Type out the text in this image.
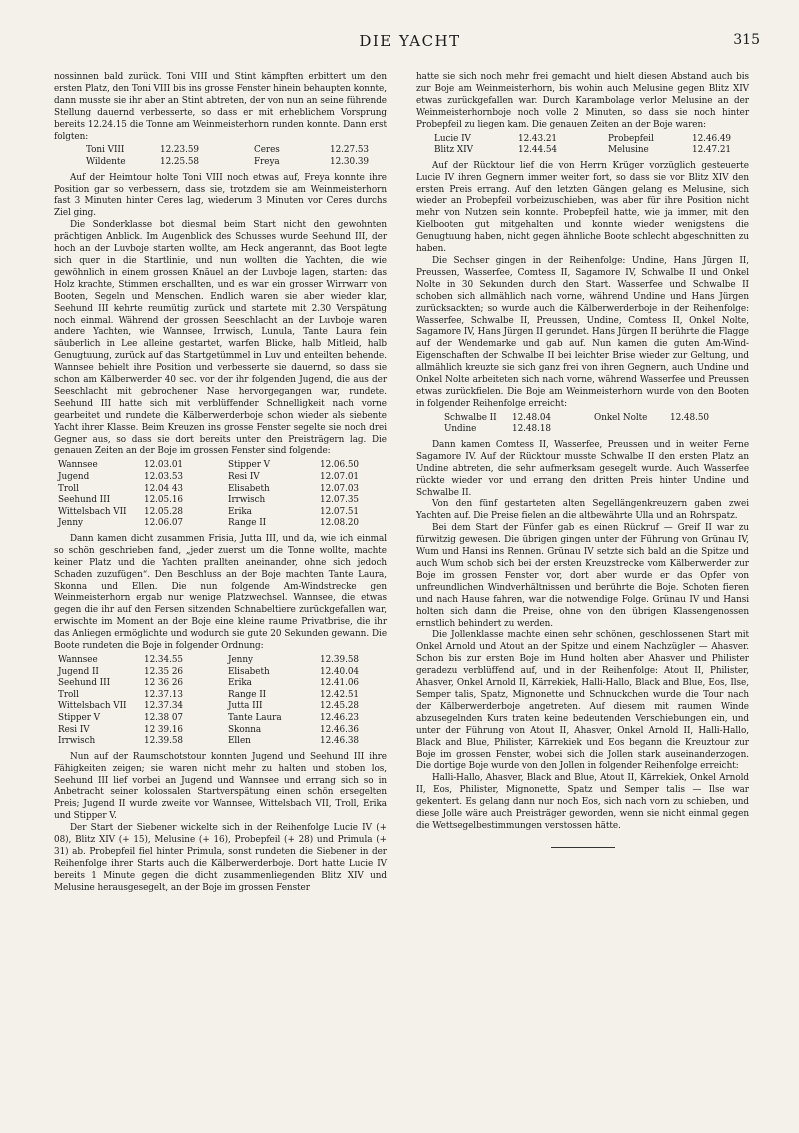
DIE YACHT	315

nossinnen bald zurück. Toni VIII und Stint kämpften erbittert um den ersten Platz, den Toni VIII bis ins grosse Fenster hinein behaupten konnte, dann musste sie ihr aber an Stint abtreten, der von nun an seine führende Stellung dauernd verbesserte, so dass er mit erheblichem Vorsprung bereits 12.24.15 die Tonne am Weinmeisterhorn runden konnte. Dann erst folgten:

Toni VIII	12.23.59	Ceres	12.27.53
Wildente	12.25.58	Freya	12.30.39

Auf der Heimtour holte Toni VIII noch etwas auf, Freya konnte ihre Position gar so verbessern, dass sie, trotzdem sie am Weinmeisterhorn fast 3 Minuten hinter Ceres lag, wiederum 3 Minuten vor Ceres durchs Ziel ging.

Die Sonderklasse bot diesmal beim Start nicht den gewohnten prächtigen Anblick. Im Augenblick des Schusses wurde Seehund III, der hoch an der Luvboje starten wollte, am Heck angerannt, das Boot legte sich quer in die Startlinie, und nun wollten die Yachten, die wie gewöhnlich in einem grossen Knäuel an der Luvboje lagen, starten: das Holz krachte, Stimmen erschallten, und es war ein grosser Wirrwarr von Booten, Segeln und Menschen. Endlich waren sie aber wieder klar, Seehund III kehrte reumütig zurück und startete mit 2.30 Verspätung noch einmal. Während der grossen Seeschlacht an der Luvboje waren andere Yachten, wie Wannsee, Irrwisch, Lunula, Tante Laura fein säuberlich in Lee alleine gestartet, warfen Blicke, halb Mitleid, halb Genugtuung, zurück auf das Startgetümmel in Luv und enteilten behende. Wannsee behielt ihre Position und verbesserte sie dauernd, so dass sie schon am Kälberwerder 40 sec. vor der ihr folgenden Jugend, die aus der Seeschlacht mit gebrochener Nase hervorgegangen war, rundete. Seehund III hatte sich mit verblüffender Schnelligkeit nach vorne gearbeitet und rundete die Kälberwerderboje schon wieder als siebente Yacht ihrer Klasse. Beim Kreuzen ins grosse Fenster segelte sie noch drei Gegner aus, so dass sie dort bereits unter den Preisträgern lag. Die genauen Zeiten an der Boje im grossen Fenster sind folgende:

Wannsee	12.03.01	Stipper V	12.06.50
Jugend	12.03.53	Resi IV	12.07.01
Troll	12.04 43	Elisabeth	12.07.03
Seehund III	12.05.16	Irrwisch	12.07.35
Wittelsbach VII	12.05.28	Erika	12.07.51
Jenny	12.06.07	Range II	12.08.20

Dann kamen dicht zusammen Frisia, Jutta III, und da, wie ich einmal so schön geschrieben fand, „jeder zuerst um die Tonne wollte, machte keiner Platz und die Yachten prallten aneinander, ohne sich jedoch Schaden zuzufügen“. Den Beschluss an der Boje machten Tante Laura, Skonna und Ellen. Die nun folgende Am-Windstrecke gen Weinmeisterhorn ergab nur wenige Platzwechsel. Wannsee, die etwas gegen die ihr auf den Fersen sitzenden Schnabeltiere zurückgefallen war, erwischte im Moment an der Boje eine kleine raume Privatbrise, die ihr das Anliegen ermöglichte und wodurch sie gute 20 Sekunden gewann. Die Boote rundeten die Boje in folgender Ordnung:

Wannsee	12.34.55	Jenny	12.39.58
Jugend II	12.35 26	Elisabeth	12.40.04
Seehund III	12 36 26	Erika	12.41.06
Troll	12.37.13	Range II	12.42.51
Wittelsbach VII	12.37.34	Jutta III	12.45.28
Stipper V	12.38 07	Tante Laura	12.46.23
Resi IV	12 39.16	Skonna	12.46.36
Irrwisch	12.39.58	Ellen	12.46.38

Nun auf der Raumschotstour konnten Jugend und Seehund III ihre Fähigkeiten zeigen; sie waren nicht mehr zu halten und stoben los, Seehund III lief vorbei an Jugend und Wannsee und errang sich so in Anbetracht seiner kolossalen Startverspätung einen schön ersegelten Preis; Jugend II wurde zweite vor Wannsee, Wittelsbach VII, Troll, Erika und Stipper V.

Der Start der Siebener wickelte sich in der Reihenfolge Lucie IV (+ 08), Blitz XIV (+ 15), Melusine (+ 16), Probepfeil (+ 28) und Primula (+ 31) ab. Probepfeil fiel hinter Primula, sonst rundeten die Siebener in der Reihenfolge ihrer Starts auch die Kälberwerderboje. Dort hatte Lucie IV bereits 1 Minute gegen die dicht zusammenliegenden Blitz XIV und Melusine herausgesegelt, an der Boje im grossen Fenster

hatte sie sich noch mehr frei gemacht und hielt diesen Abstand auch bis zur Boje am Weinmeisterhorn, bis wohin auch Melusine gegen Blitz XIV etwas zurückgefallen war. Durch Karambolage verlor Melusine an der Weinmeisterhornboje noch volle 2 Minuten, so dass sie noch hinter Probepfeil zu liegen kam. Die genauen Zeiten an der Boje waren:

Lucie IV	12.43.21	Probepfeil	12.46.49
Blitz XIV	12.44.54	Melusine	12.47.21

Auf der Rücktour lief die von Herrn Krüger vorzüglich gesteuerte Lucie IV ihren Gegnern immer weiter fort, so dass sie vor Blitz XIV den ersten Preis errang. Auf den letzten Gängen gelang es Melusine, sich wieder an Probepfeil vorbeizuschieben, was aber für ihre Position nicht mehr von Nutzen sein konnte. Probepfeil hatte, wie ja immer, mit den Kielbooten gut mitgehalten und konnte wieder wenigstens die Genugtuung haben, nicht gegen ähnliche Boote schlecht abgeschnitten zu haben.

Die Sechser gingen in der Reihenfolge: Undine, Hans Jürgen II, Preussen, Wasserfee, Comtess II, Sagamore IV, Schwalbe II und Onkel Nolte in 30 Sekunden durch den Start. Wasserfee und Schwalbe II schoben sich allmählich nach vorne, während Undine und Hans Jürgen zurücksackten; so wurde auch die Kälberwerderboje in der Reihenfolge: Wasserfee, Schwalbe II, Preussen, Undine, Comtess II, Onkel Nolte, Sagamore IV, Hans Jürgen II gerundet. Hans Jürgen II berührte die Flagge auf der Wendemarke und gab auf. Nun kamen die guten Am-Wind-Eigenschaften der Schwalbe II bei leichter Brise wieder zur Geltung, und allmählich kreuzte sie sich ganz frei von ihren Gegnern, auch Undine und Onkel Nolte arbeiteten sich nach vorne, während Wasserfee und Preussen etwas zurückfielen. Die Boje am Weinmeisterhorn wurde von den Booten in folgender Reihenfolge erreicht:

Schwalbe II	12.48.04	Onkel Nolte	12.48.50
Undine	12.48.18		

Dann kamen Comtess II, Wasserfee, Preussen und in weiter Ferne Sagamore IV. Auf der Rücktour musste Schwalbe II den ersten Platz an Undine abtreten, die sehr aufmerksam gesegelt wurde. Auch Wasserfee rückte wieder vor und errang den dritten Preis hinter Undine und Schwalbe II.

Von den fünf gestarteten alten Segellängenkreuzern gaben zwei Yachten auf. Die Preise fielen an die altbewährte Ulla und an Rohrspatz.

Bei dem Start der Fünfer gab es einen Rückruf — Greif II war zu fürwitzig gewesen. Die übrigen gingen unter der Führung von Grünau IV, Wum und Hansi ins Rennen. Grünau IV setzte sich bald an die Spitze und auch Wum schob sich bei der ersten Kreuzstrecke vom Kälberwerder zur Boje im grossen Fenster vor, dort aber wurde er das Opfer von unfreundlichen Windverhältnissen und berührte die Boje. Schoten fieren und nach Hause fahren, war die notwendige Folge. Grünau IV und Hansi holten sich dann die Preise, ohne von den übrigen Klassengenossen ernstlich behindert zu werden.

Die Jollenklasse machte einen sehr schönen, geschlossenen Start mit Onkel Arnold und Atout an der Spitze und einem Nachzügler — Ahasver. Schon bis zur ersten Boje im Hund holten aber Ahasver und Philister geradezu verblüffend auf, und in der Reihenfolge: Atout II, Philister, Ahasver, Onkel Arnold II, Kärrekiek, Halli-Hallo, Black and Blue, Eos, Ilse, Semper talis, Spatz, Mignonette und Schnuckchen wurde die Tour nach der Kälberwerderboje angetreten. Auf diesem mit raumen Winde abzusegelnden Kurs traten keine bedeutenden Verschiebungen ein, und unter der Führung von Atout II, Ahasver, Onkel Arnold II, Halli-Hallo, Black and Blue, Philister, Kärrekiek und Eos begann die Kreuztour zur Boje im grossen Fenster, wobei sich die Jollen stark auseinanderzogen. Die dortige Boje wurde von den Jollen in folgender Reihenfolge erreicht:

Halli-Hallo, Ahasver, Black and Blue, Atout II, Kärrekiek, Onkel Arnold II, Eos, Philister, Mignonette, Spatz und Semper talis — Ilse war gekentert. Es gelang dann nur noch Eos, sich nach vorn zu schieben, und diese Jolle wäre auch Preisträger geworden, wenn sie nicht einmal gegen die Wettsegelbestimmungen verstossen hätte.
